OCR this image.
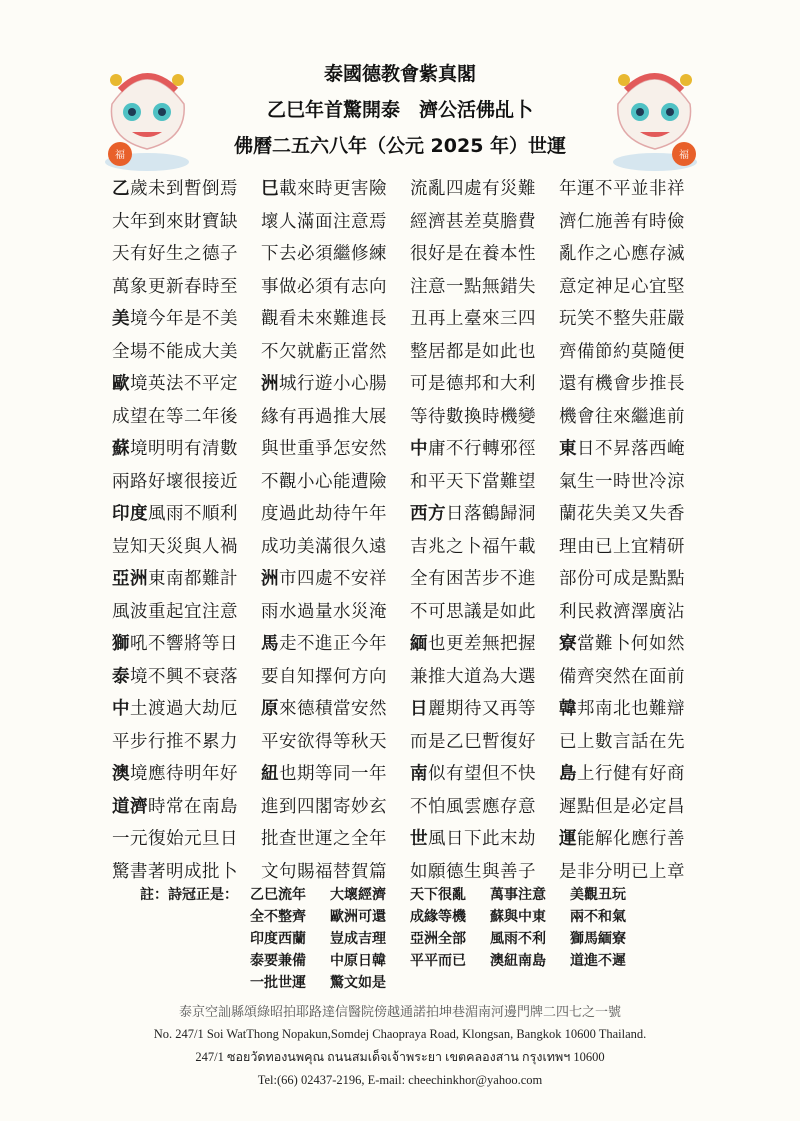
福	福
泰國德教會紫真閣
乙巳年首驚開泰　濟公活佛乩卜
佛曆二五六八年（公元 2025 年）世運
乙歲未到暫倒焉	巳載來時更害險	流亂四處有災難	年運不平並非祥
大年到來財寶缺	壞人滿面注意焉	經濟甚差莫膽費	濟仁施善有時儉
天有好生之德子	下去必須繼修練	很好是在養本性	亂作之心應存滅
萬象更新春時至	事做必須有志向	注意一點無錯失	意定神足心宜堅
美境今年是不美	觀看未來難進長	丑再上臺來三四	玩笑不整失莊嚴
全場不能成大美	不欠就虧正當然	整居都是如此也	齊備節約莫隨便
歐境英法不平定	洲城行遊小心腸	可是德邦和大利	還有機會步推長
成望在等二年後	緣有再過推大展	等待數換時機變	機會往來繼進前
蘇境明明有清數	與世重爭怎安然	中庸不行轉邪徑	東日不昇落西崦
兩路好壞很接近	不觀小心能遭險	和平天下當難望	氣生一時世冷涼
印度風雨不順利	度過此劫待午年	西方日落鶴歸洞	蘭花失美又失香
豈知天災與人禍	成功美滿很久遠	吉兆之卜福午載	理由已上宜精研
亞洲東南都難計	洲市四處不安祥	全有困苦步不進	部份可成是點點
風波重起宜注意	雨水過量水災淹	不可思議是如此	利民救濟澤廣沾
獅吼不響將等日	馬走不進正今年	緬也更差無把握	寮當難卜何如然
泰境不興不衰落	要自知擇何方向	兼推大道為大選	備齊突然在面前
中土渡過大劫厄	原來德積當安然	日麗期待又再等	韓邦南北也難辯
平步行推不累力	平安欲得等秋天	而是乙巳暫復好	已上數言話在先
澳境應待明年好	紐也期等同一年	南似有望但不快	島上行健有好商
道濟時常在南島	進到四閣寄妙玄	不怕風雲應存意	遲點但是必定昌
一元復始元旦日	批查世運之全年	世風日下此末劫	運能解化應行善
驚書著明成批卜	文句賜福替賀篇	如願德生與善子	是非分明已上章
註：詩冠正是： 乙巳流年	大壞經濟	天下很亂	萬事注意	美觀丑玩
全不整齊	歐洲可還	成緣等機	蘇與中東	兩不和氣
印度西蘭	豈成吉理	亞洲全部	風雨不利	獅馬緬寮
泰要兼備	中原日韓	平平而已	澳紐南島	道進不遲
一批世運	驚文如是
泰京空訕縣頌綠昭拍耶路達信醫院傍越通諾拍坤巷湄南河邊門牌二四七之一號
No. 247/1 Soi WatThong Nopakun,Somdej Chaopraya Road, Klongsan, Bangkok 10600 Thailand.
247/1 ซอยวัดทองนพคุณ ถนนสมเด็จเจ้าพระยา เขตคลองสาน กรุงเทพฯ 10600
Tel:(66) 02437-2196, E-mail: cheechinkhor@yahoo.com
